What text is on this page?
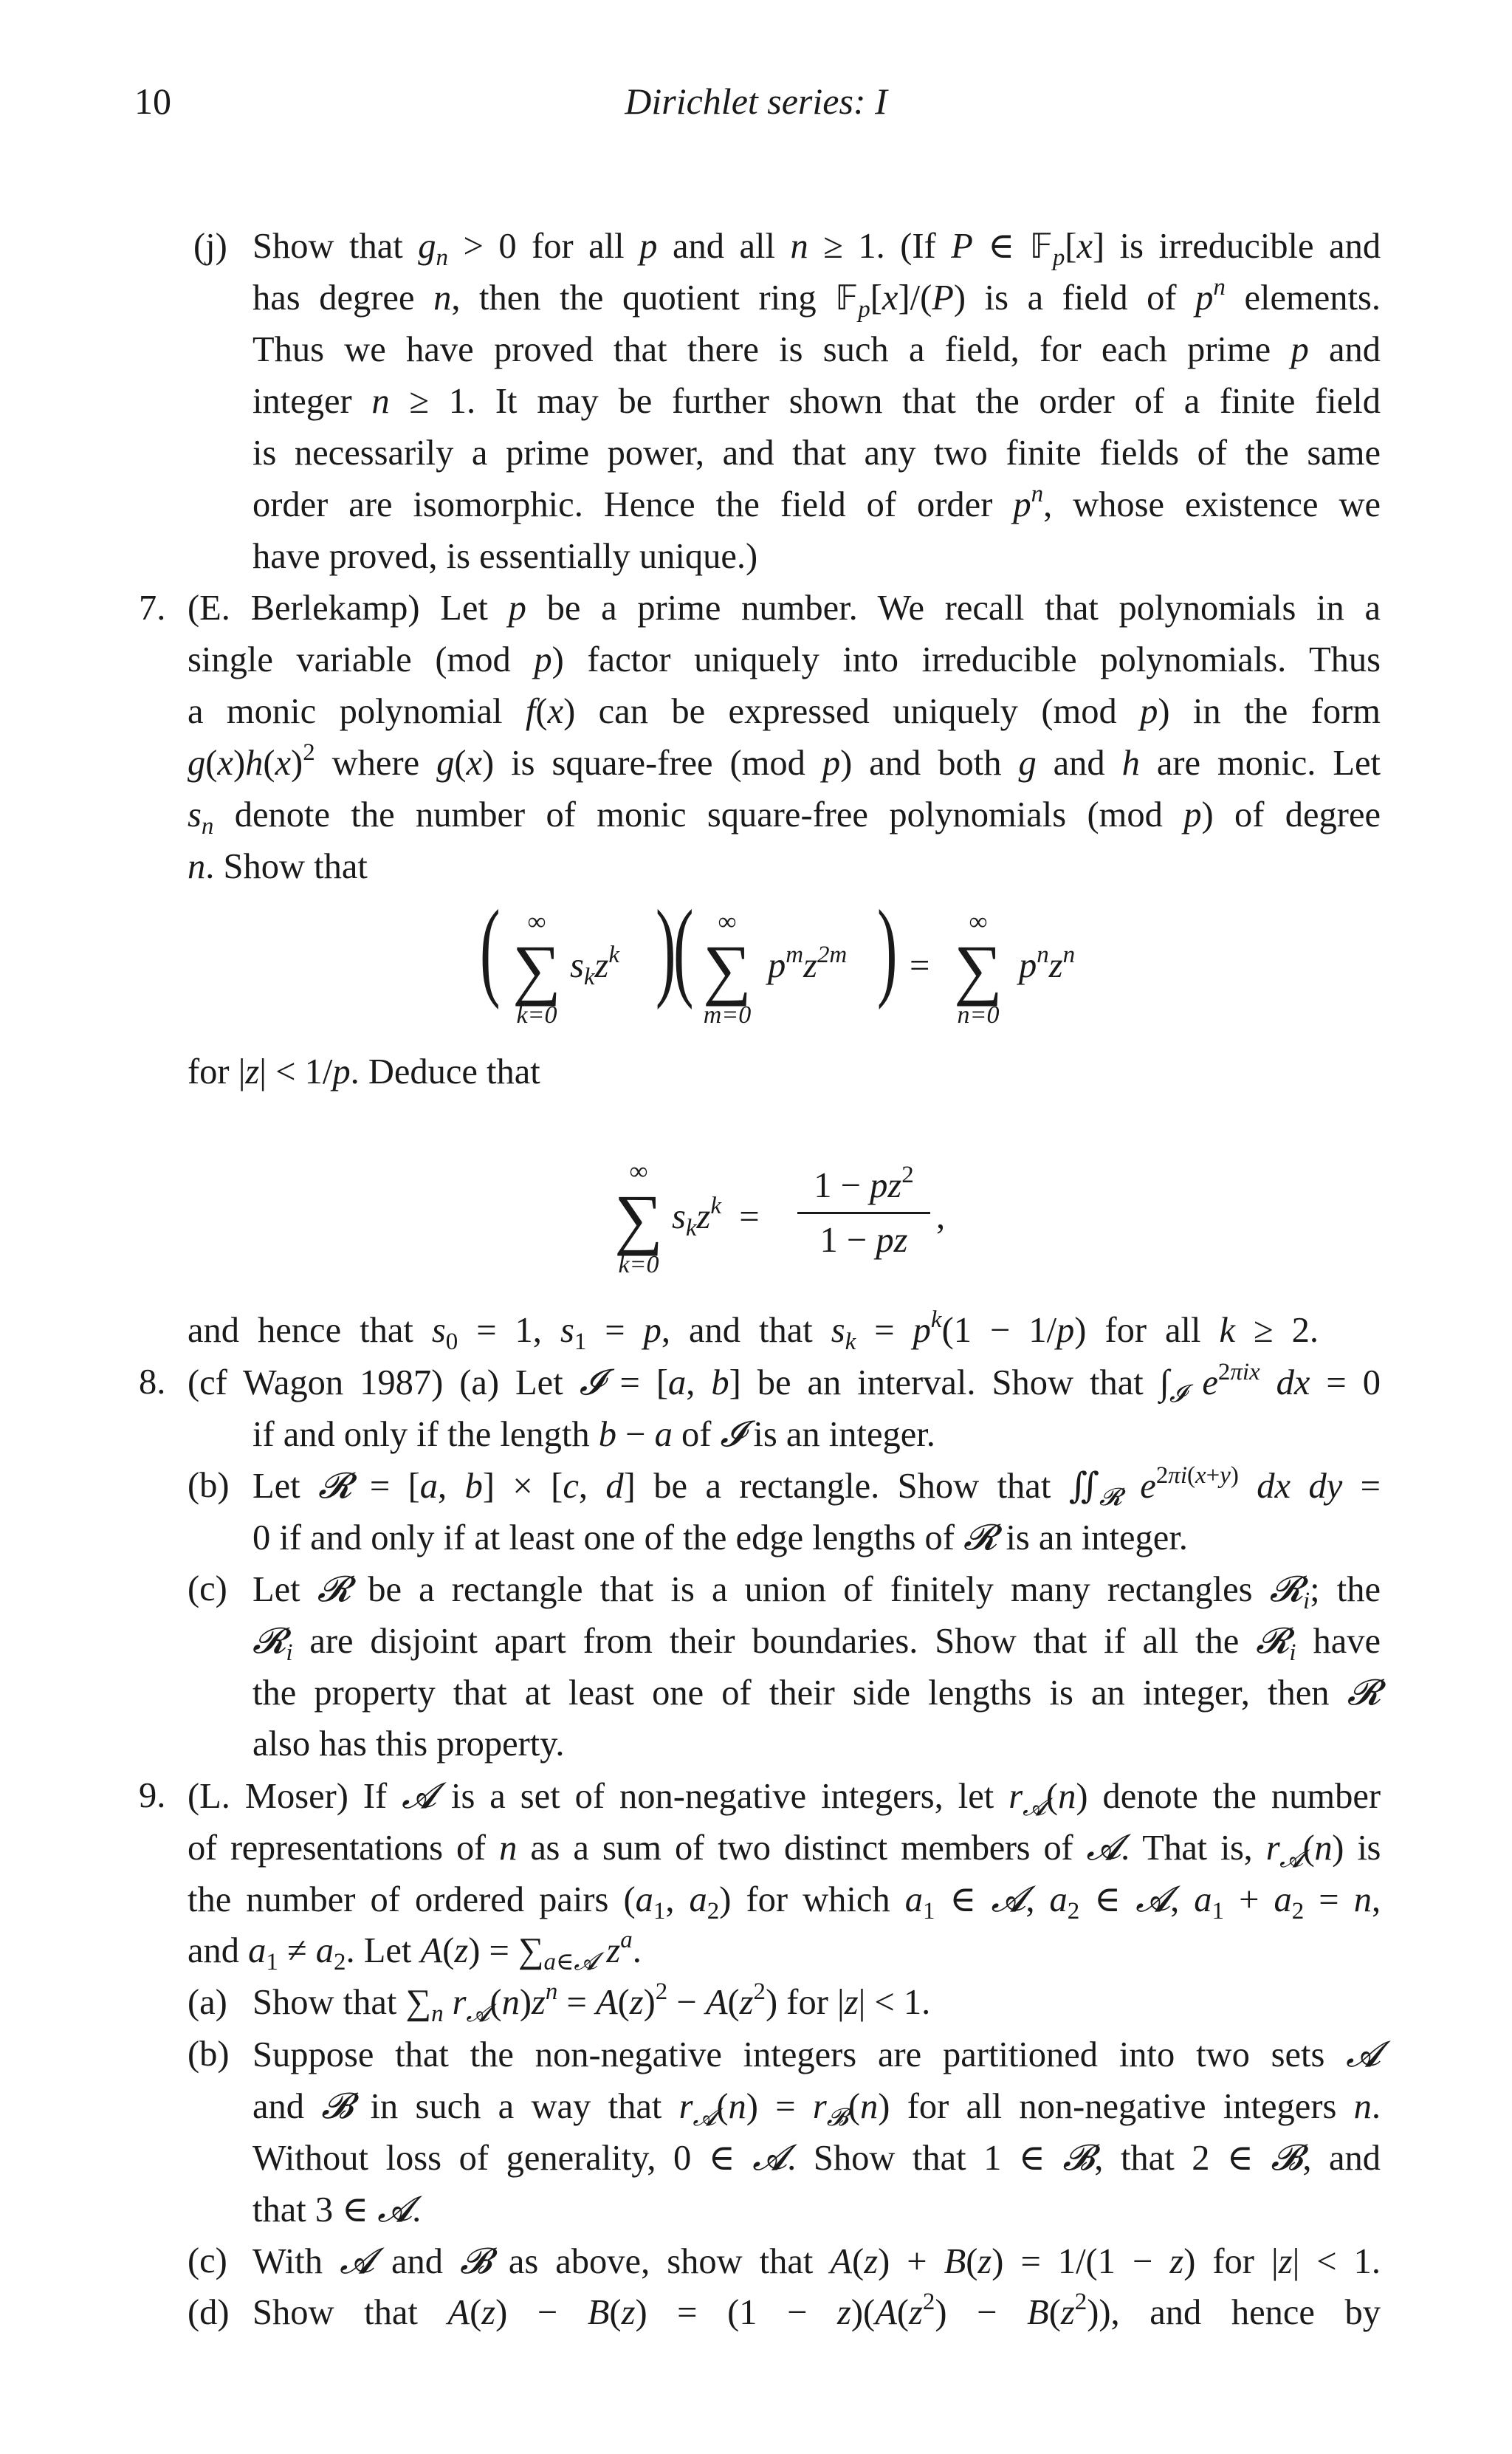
10	Dirichlet series: I
(j) Show that $g_n > 0$ for all p and all n ≥ 1. (If P ∈ 𝔽$_p$[x] is irreducible and
has degree n, then the quotient ring 𝔽$_p$[x]/(P) is a field of $p^n$ elements.
Thus we have proved that there is such a field, for each prime p and
integer n ≥ 1. It may be further shown that the order of a finite field
is necessarily a prime power, and that any two finite fields of the same
order are isomorphic. Hence the field of order $p^n$, whose existence we
have proved, is essentially unique.)
7. (E. Berlekamp) Let p be a prime number. We recall that polynomials in a
single variable (mod p) factor uniquely into irreducible polynomials. Thus
a monic polynomial f(x) can be expressed uniquely (mod p) in the form
$g(x)h(x)^2$ where g(x) is square-free (mod p) and both g and h are monic. Let
$s_n$ denote the number of monic square-free polynomials (mod p) of degree
n. Show that
(	∞
∑
k=0
$s_kz^k$ )
( ∞
∑
m=0
$p^mz^{2m}$ ) =
∞
∑
n=0
$p^nz^n$
for |z| < 1/p. Deduce that
∞
∑
k=0
$s_kz^k$  =
$1 - pz^2$
1 − pz
,
and hence that $s_0 = 1$, $s_1 = p$, and that $s_k = p^k(1 - 1/p)$ for all k ≥ 2.
8. (cf Wagon 1987) (a) Let 𝓘 = [a, b] be an interval. Show that $\int_𝓘$ $e^{2\pi ix}$ dx = 0
if and only if the length b − a of 𝓘 is an integer.
(b) Let 𝓡 = [a, b] × [c, d] be a rectangle. Show that $∬_𝓡$ $e^{2\pi i(x+y)}$ dx dy =
0 if and only if at least one of the edge lengths of 𝓡 is an integer.
(c) Let 𝓡 be a rectangle that is a union of finitely many rectangles 𝓡$_i$; the
𝓡$_i$ are disjoint apart from their boundaries. Show that if all the 𝓡$_i$ have
the property that at least one of their side lengths is an integer, then 𝓡
also has this property.
9. (L. Moser) If 𝓐 is a set of non-negative integers, let $r_𝓐(n)$ denote the number
of representations of n as a sum of two distinct members of 𝓐. That is, $r_𝓐(n)$ is
the number of ordered pairs ($a_1$, $a_2$) for which $a_1$ ∈ 𝓐, $a_2$ ∈ 𝓐, $a_1 + a_2 = n$,
and $a_1 \ne a_2$. Let $A(z) = \sum_{a\in 𝓐}$ $z^a$.
(a) Show that $\sum_n$ $r_𝓐(n)z^n = A(z)^2 - A(z^2)$ for |z| < 1.
(b) Suppose that the non-negative integers are partitioned into two sets 𝓐
and 𝓑 in such a way that $r_𝓐(n) = r_𝓑(n)$ for all non-negative integers n.
Without loss of generality, 0 ∈ 𝓐. Show that 1 ∈ 𝓑, that 2 ∈ 𝓑, and
that 3 ∈ 𝓐.
(c) With 𝓐 and 𝓑 as above, show that A(z) + B(z) = 1/(1 − z) for |z| < 1.
(d) Show that $A(z) - B(z) = (1 - z)(A(z^2) - B(z^2))$, and hence by
